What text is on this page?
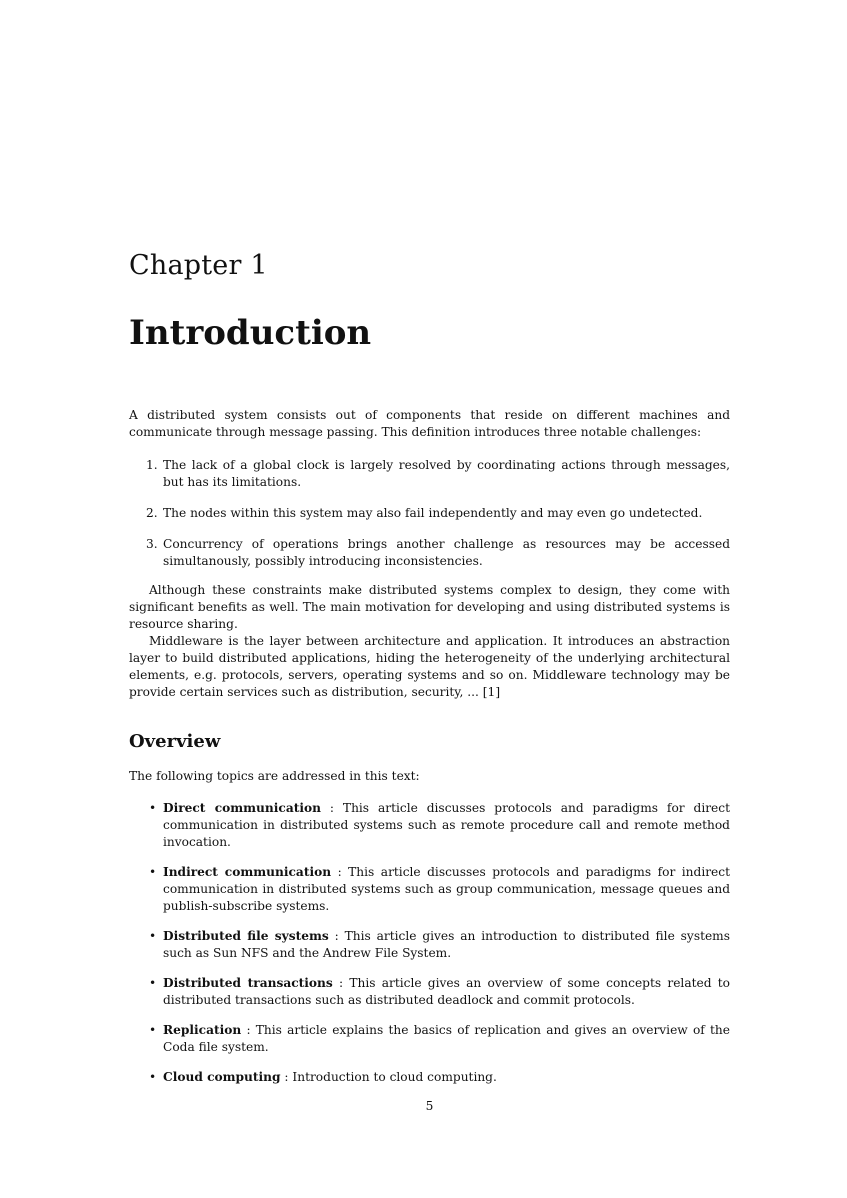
Chapter 1
Introduction

A distributed system consists out of components that reside on different machines and communicate through message passing. This definition introduces three notable challenges:

1. The lack of a global clock is largely resolved by coordinating actions through messages, but has its limitations.
2. The nodes within this system may also fail independently and may even go undetected.
3. Concurrency of operations brings another challenge as resources may be accessed simultanously, possibly introducing inconsistencies.

Although these constraints make distributed systems complex to design, they come with significant benefits as well. The main motivation for developing and using distributed systems is resource sharing.

Middleware is the layer between architecture and application. It introduces an abstraction layer to build distributed applications, hiding the heterogeneity of the underlying architectural elements, e.g. protocols, servers, operating systems and so on. Middleware technology may be provide certain services such as distribution, security, ... [1]

Overview

The following topics are addressed in this text:

• Direct communication : This article discusses protocols and paradigms for direct communication in distributed systems such as remote procedure call and remote method invocation.
• Indirect communication : This article discusses protocols and paradigms for indirect communication in distributed systems such as group communication, message queues and publish-subscribe systems.
• Distributed file systems : This article gives an introduction to distributed file systems such as Sun NFS and the Andrew File System.
• Distributed transactions : This article gives an overview of some concepts related to distributed transactions such as distributed deadlock and commit protocols.
• Replication : This article explains the basics of replication and gives an overview of the Coda file system.
• Cloud computing : Introduction to cloud computing.
5
